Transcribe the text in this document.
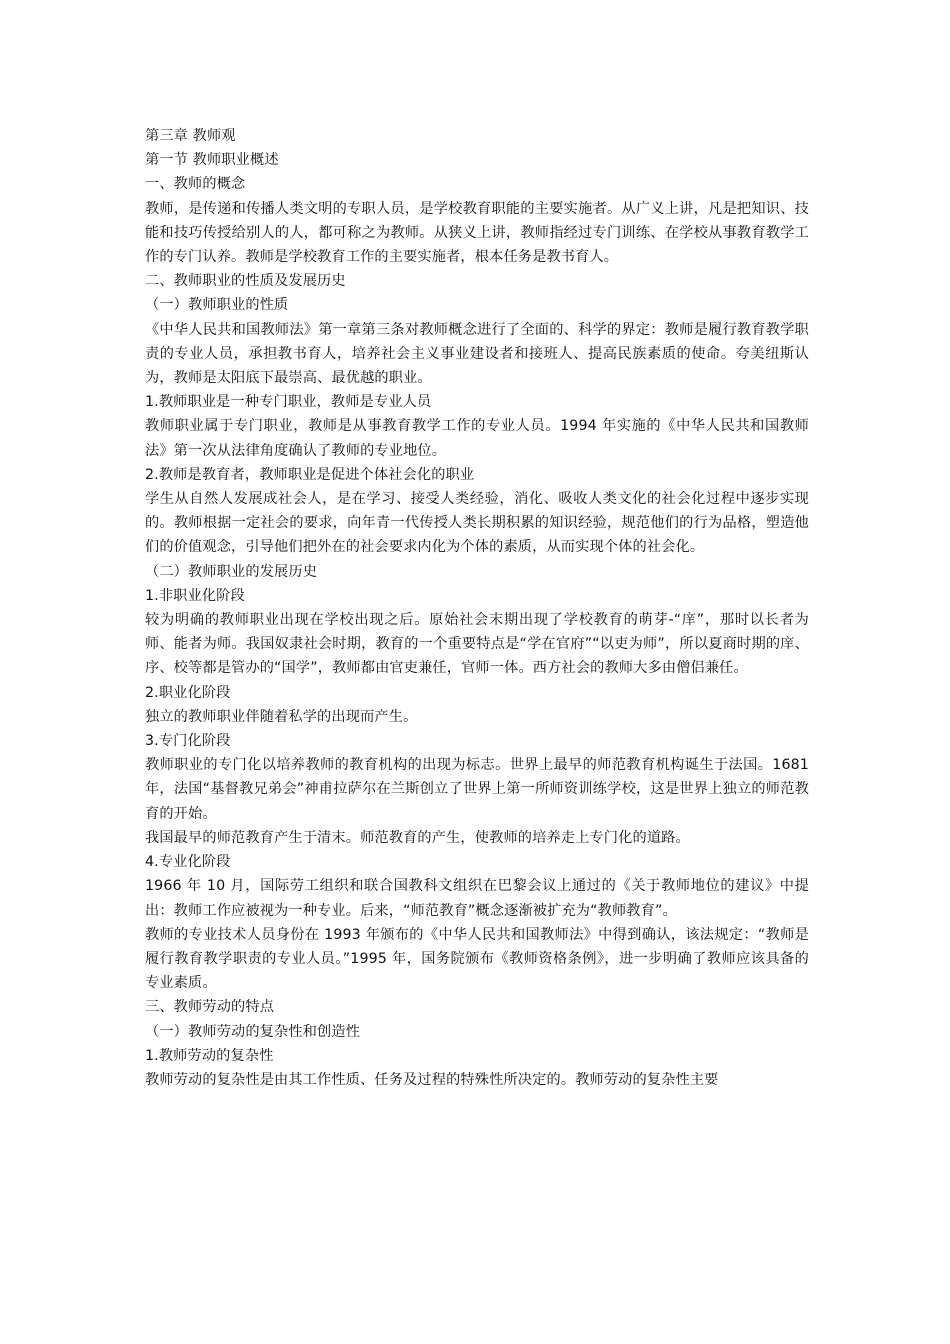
第三章 教师观

第一节 教师职业概述

一、教师的概念

教师，是传递和传播人类文明的专职人员，是学校教育职能的主要实施者。从广义上讲，凡是把知识、技能和技巧传授给别人的人，都可称之为教师。从狭义上讲，教师指经过专门训练、在学校从事教育教学工作的专门认养。教师是学校教育工作的主要实施者，根本任务是教书育人。

二、教师职业的性质及发展历史

（一）教师职业的性质

《中华人民共和国教师法》第一章第三条对教师概念进行了全面的、科学的界定：教师是履行教育教学职责的专业人员，承担教书育人，培养社会主义事业建设者和接班人、提高民族素质的使命。夸美纽斯认为，教师是太阳底下最崇高、最优越的职业。

1.教师职业是一种专门职业，教师是专业人员

教师职业属于专门职业，教师是从事教育教学工作的专业人员。1994 年实施的《中华人民共和国教师法》第一次从法律角度确认了教师的专业地位。

2.教师是教育者，教师职业是促进个体社会化的职业

学生从自然人发展成社会人，是在学习、接受人类经验，消化、吸收人类文化的社会化过程中逐步实现的。教师根据一定社会的要求，向年青一代传授人类长期积累的知识经验，规范他们的行为品格，塑造他们的价值观念，引导他们把外在的社会要求内化为个体的素质，从而实现个体的社会化。

（二）教师职业的发展历史

1.非职业化阶段

较为明确的教师职业出现在学校出现之后。原始社会末期出现了学校教育的萌芽-“庠”，那时以长者为师、能者为师。我国奴隶社会时期，教育的一个重要特点是“学在官府”“以吏为师”，所以夏商时期的庠、序、校等都是管办的“国学”，教师都由官吏兼任，官师一体。西方社会的教师大多由僧侣兼任。

2.职业化阶段

独立的教师职业伴随着私学的出现而产生。

3.专门化阶段

教师职业的专门化以培养教师的教育机构的出现为标志。世界上最早的师范教育机构诞生于法国。1681 年，法国“基督教兄弟会”神甫拉萨尔在兰斯创立了世界上第一所师资训练学校，这是世界上独立的师范教育的开始。

我国最早的师范教育产生于清末。师范教育的产生，使教师的培养走上专门化的道路。

4.专业化阶段

1966 年 10 月，国际劳工组织和联合国教科文组织在巴黎会议上通过的《关于教师地位的建议》中提出：教师工作应被视为一种专业。后来，“师范教育”概念逐渐被扩充为“教师教育”。

教师的专业技术人员身份在 1993 年颁布的《中华人民共和国教师法》中得到确认，该法规定：“教师是履行教育教学职责的专业人员。”1995 年，国务院颁布《教师资格条例》，进一步明确了教师应该具备的专业素质。

三、教师劳动的特点

（一）教师劳动的复杂性和创造性

1.教师劳动的复杂性

教师劳动的复杂性是由其工作性质、任务及过程的特殊性所决定的。教师劳动的复杂性主要
